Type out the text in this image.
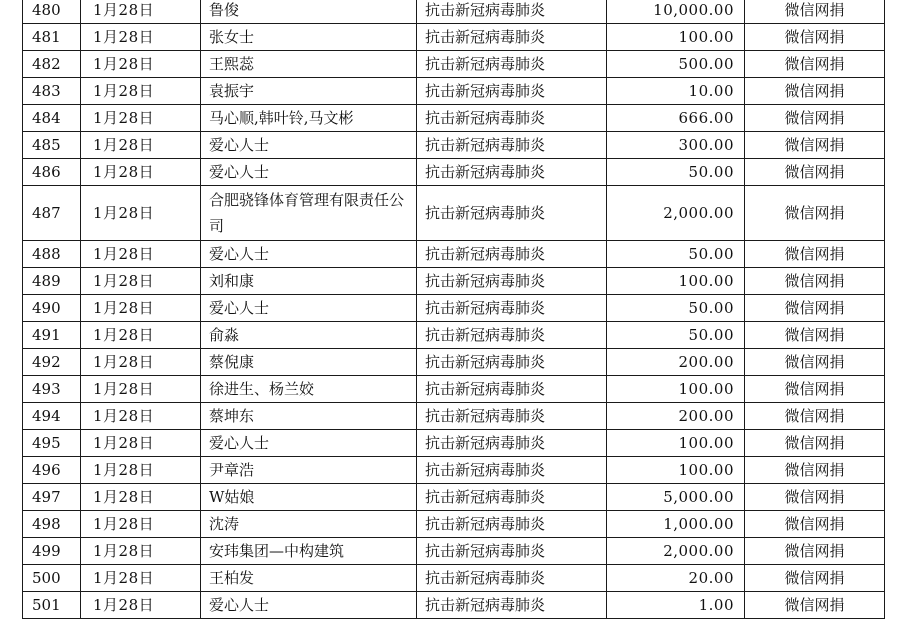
480	1月28日	鲁俊	抗击新冠病毒肺炎	10,000.00	微信网捐
481	1月28日	张女士	抗击新冠病毒肺炎	100.00	微信网捐
482	1月28日	王熙蕊	抗击新冠病毒肺炎	500.00	微信网捐
483	1月28日	袁振宇	抗击新冠病毒肺炎	10.00	微信网捐
484	1月28日	马心顺,韩叶铃,马文彬	抗击新冠病毒肺炎	666.00	微信网捐
485	1月28日	爱心人士	抗击新冠病毒肺炎	300.00	微信网捐
486	1月28日	爱心人士	抗击新冠病毒肺炎	50.00	微信网捐
487	1月28日	合肥骁锋体育管理有限责任公司	抗击新冠病毒肺炎	2,000.00	微信网捐
488	1月28日	爱心人士	抗击新冠病毒肺炎	50.00	微信网捐
489	1月28日	刘和康	抗击新冠病毒肺炎	100.00	微信网捐
490	1月28日	爱心人士	抗击新冠病毒肺炎	50.00	微信网捐
491	1月28日	俞淼	抗击新冠病毒肺炎	50.00	微信网捐
492	1月28日	蔡倪康	抗击新冠病毒肺炎	200.00	微信网捐
493	1月28日	徐进生、杨兰姣	抗击新冠病毒肺炎	100.00	微信网捐
494	1月28日	蔡坤东	抗击新冠病毒肺炎	200.00	微信网捐
495	1月28日	爱心人士	抗击新冠病毒肺炎	100.00	微信网捐
496	1月28日	尹章浩	抗击新冠病毒肺炎	100.00	微信网捐
497	1月28日	W姑娘	抗击新冠病毒肺炎	5,000.00	微信网捐
498	1月28日	沈涛	抗击新冠病毒肺炎	1,000.00	微信网捐
499	1月28日	安玮集团—中构建筑	抗击新冠病毒肺炎	2,000.00	微信网捐
500	1月28日	王柏发	抗击新冠病毒肺炎	20.00	微信网捐
501	1月28日	爱心人士	抗击新冠病毒肺炎	1.00	微信网捐
